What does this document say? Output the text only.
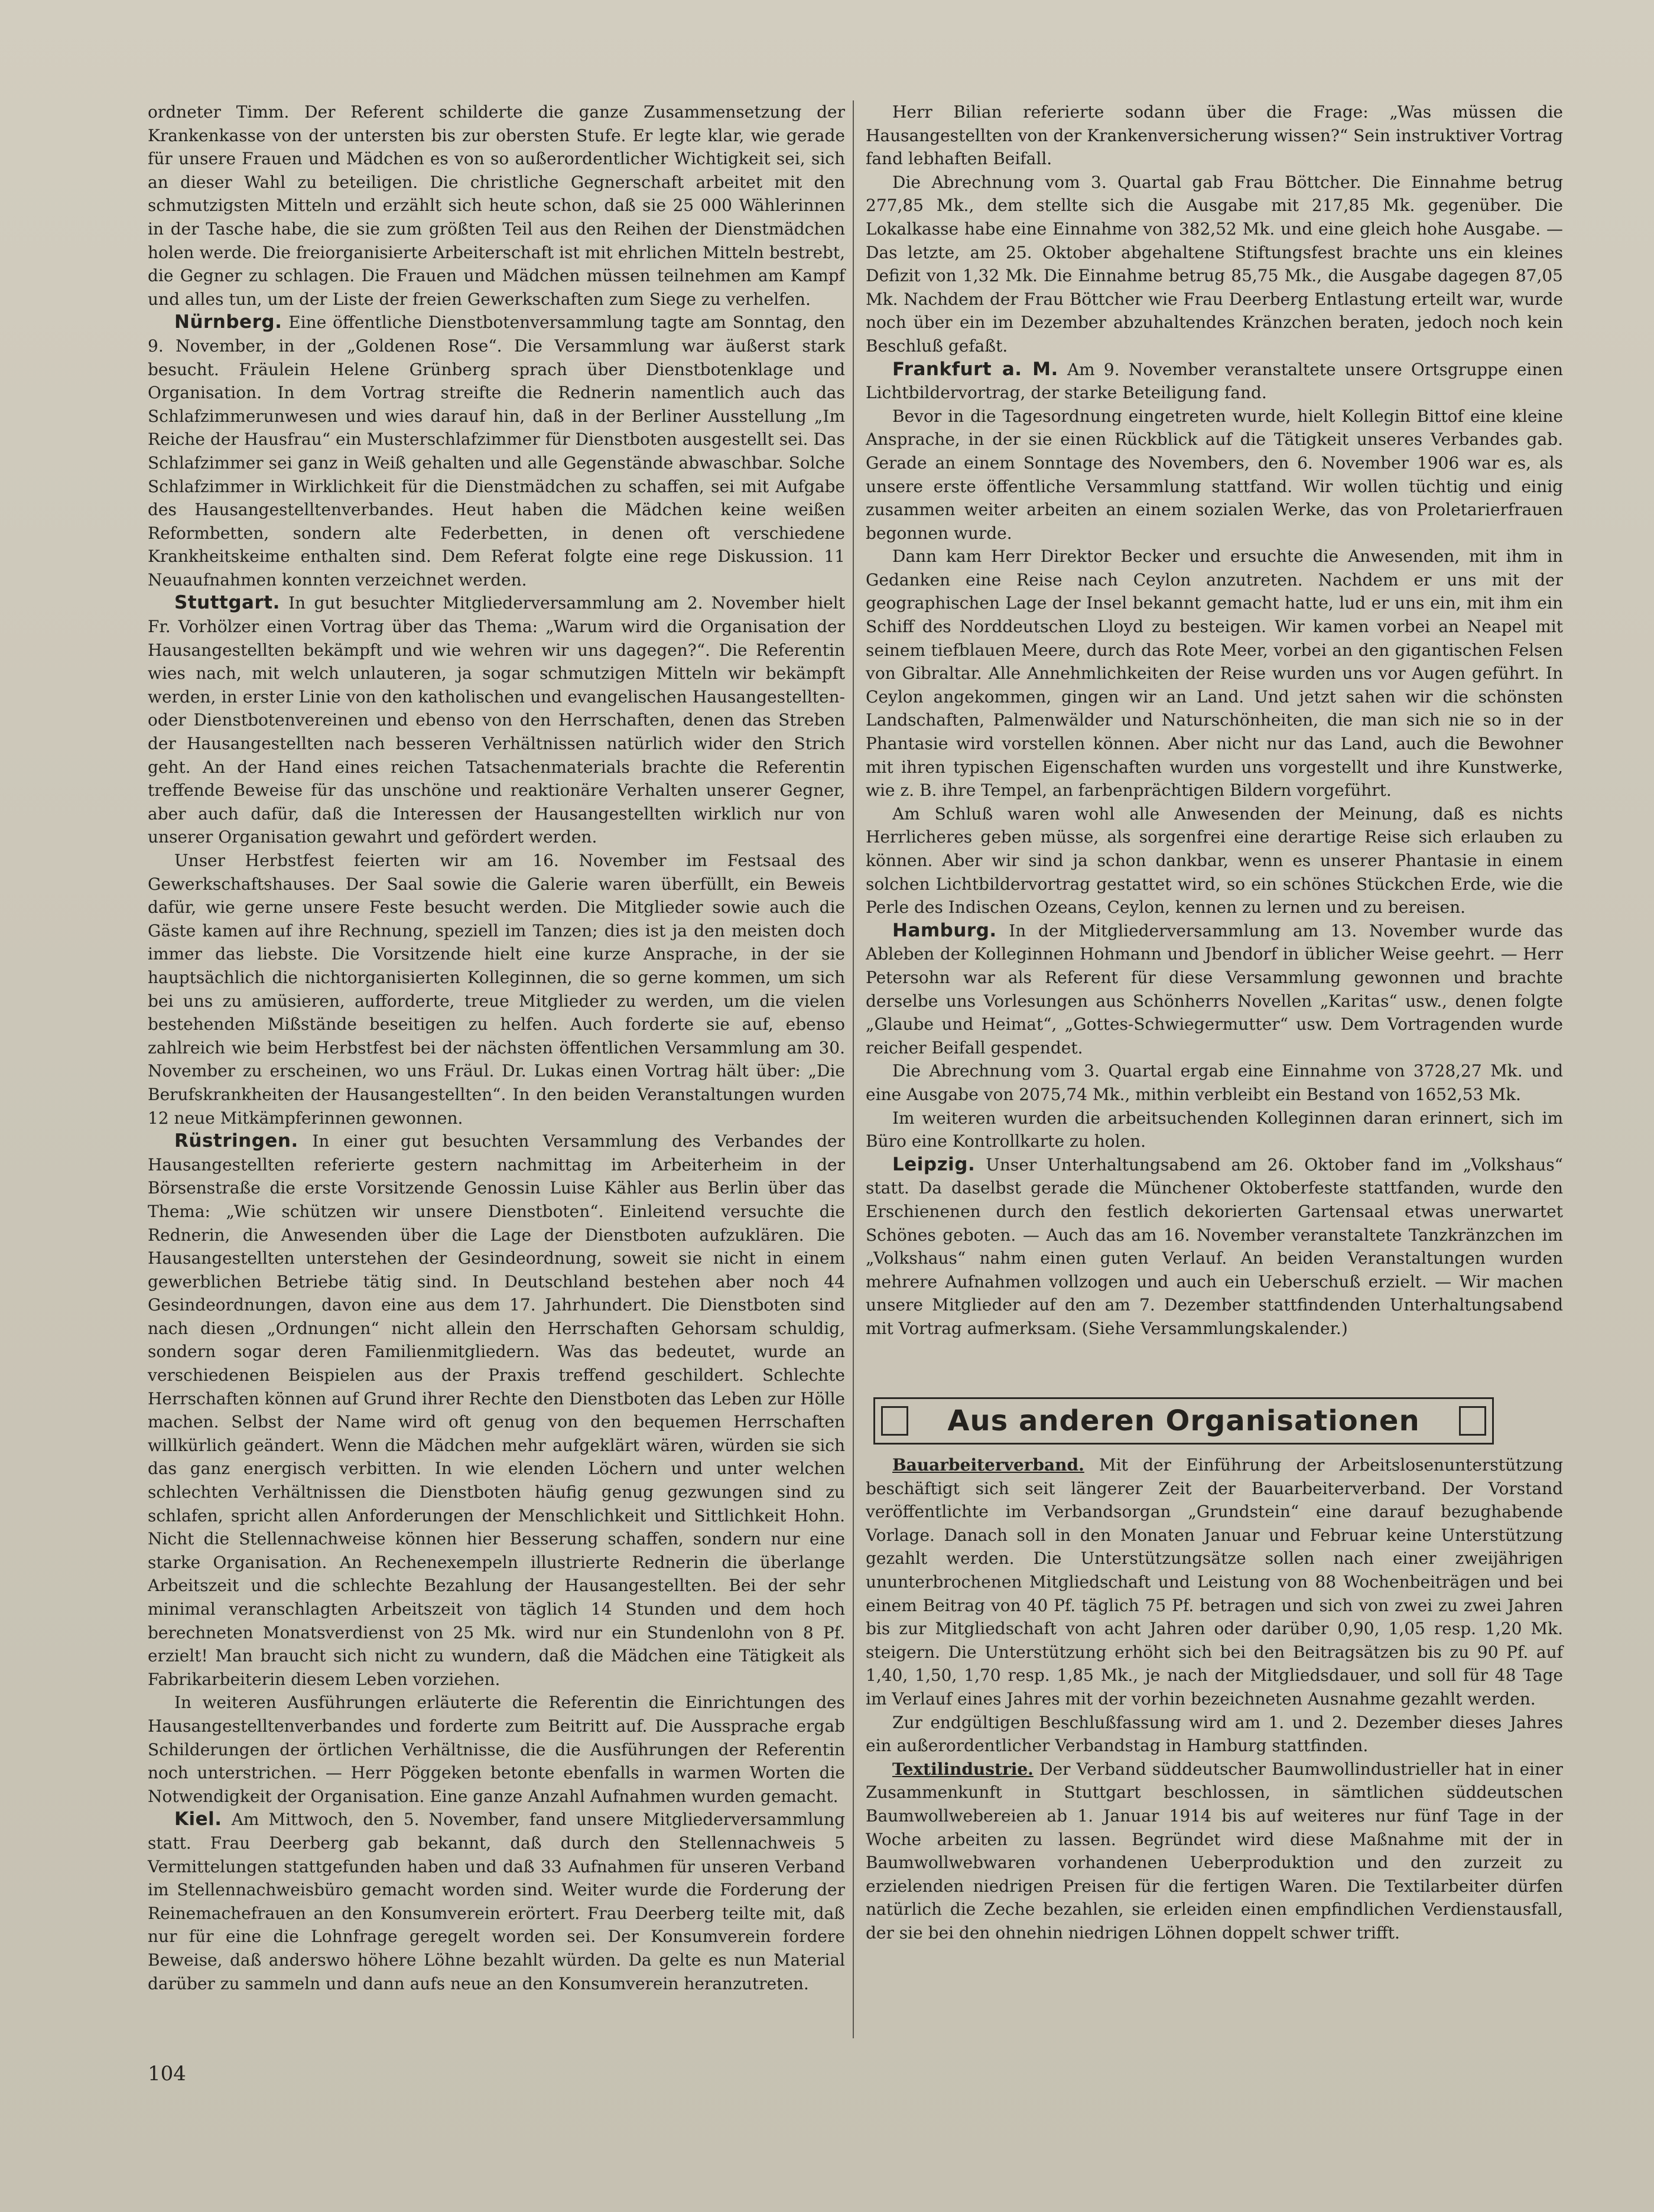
ordneter Timm. Der Referent schilderte die ganze Zusammensetzung der Krankenkasse von der untersten bis zur obersten Stufe. Er legte klar, wie gerade für unsere Frauen und Mädchen es von so außerordentlicher Wichtigkeit sei, sich an dieser Wahl zu beteiligen. Die christliche Gegnerschaft arbeitet mit den schmutzigsten Mitteln und erzählt sich heute schon, daß sie 25 000 Wählerinnen in der Tasche habe, die sie zum größten Teil aus den Reihen der Dienstmädchen holen werde. Die freiorganisierte Arbeiterschaft ist mit ehrlichen Mitteln bestrebt, die Gegner zu schlagen. Die Frauen und Mädchen müssen teilnehmen am Kampf und alles tun, um der Liste der freien Gewerkschaften zum Siege zu verhelfen.

Nürnberg. Eine öffentliche Dienstbotenversammlung tagte am Sonntag, den 9. November, in der „Goldenen Rose“. Die Versammlung war äußerst stark besucht. Fräulein Helene Grünberg sprach über Dienstbotenklage und Organisation. In dem Vortrag streifte die Rednerin namentlich auch das Schlafzimmerunwesen und wies darauf hin, daß in der Berliner Ausstellung „Im Reiche der Hausfrau“ ein Musterschlafzimmer für Dienstboten ausgestellt sei. Das Schlafzimmer sei ganz in Weiß gehalten und alle Gegenstände abwaschbar. Solche Schlafzimmer in Wirklichkeit für die Dienstmädchen zu schaffen, sei mit Aufgabe des Hausangestelltenverbandes. Heut haben die Mädchen keine weißen Reformbetten, sondern alte Federbetten, in denen oft verschiedene Krankheitskeime enthalten sind. Dem Referat folgte eine rege Diskussion. 11 Neuaufnahmen konnten verzeichnet werden.

Stuttgart. In gut besuchter Mitgliederversammlung am 2. November hielt Fr. Vorhölzer einen Vortrag über das Thema: „Warum wird die Organisation der Hausangestellten bekämpft und wie wehren wir uns dagegen?“. Die Referentin wies nach, mit welch unlauteren, ja sogar schmutzigen Mitteln wir bekämpft werden, in erster Linie von den katholischen und evangelischen Hausangestellten- oder Dienstbotenvereinen und ebenso von den Herrschaften, denen das Streben der Hausangestellten nach besseren Verhältnissen natürlich wider den Strich geht. An der Hand eines reichen Tatsachenmaterials brachte die Referentin treffende Beweise für das unschöne und reaktionäre Verhalten unserer Gegner, aber auch dafür, daß die Interessen der Hausangestellten wirklich nur von unserer Organisation gewahrt und gefördert werden.

Unser Herbstfest feierten wir am 16. November im Festsaal des Gewerkschaftshauses. Der Saal sowie die Galerie waren überfüllt, ein Beweis dafür, wie gerne unsere Feste besucht werden. Die Mitglieder sowie auch die Gäste kamen auf ihre Rechnung, speziell im Tanzen; dies ist ja den meisten doch immer das liebste. Die Vorsitzende hielt eine kurze Ansprache, in der sie hauptsächlich die nichtorganisierten Kolleginnen, die so gerne kommen, um sich bei uns zu amüsieren, aufforderte, treue Mitglieder zu werden, um die vielen bestehenden Mißstände beseitigen zu helfen. Auch forderte sie auf, ebenso zahlreich wie beim Herbstfest bei der nächsten öffentlichen Versammlung am 30. November zu erscheinen, wo uns Fräul. Dr. Lukas einen Vortrag hält über: „Die Berufskrankheiten der Hausangestellten“. In den beiden Veranstaltungen wurden 12 neue Mitkämpferinnen gewonnen.

Rüstringen. In einer gut besuchten Versammlung des Verbandes der Hausangestellten referierte gestern nachmittag im Arbeiterheim in der Börsenstraße die erste Vorsitzende Genossin Luise Kähler aus Berlin über das Thema: „Wie schützen wir unsere Dienstboten“. Einleitend versuchte die Rednerin, die Anwesenden über die Lage der Dienstboten aufzuklären. Die Hausangestellten unterstehen der Gesindeordnung, soweit sie nicht in einem gewerblichen Betriebe tätig sind. In Deutschland bestehen aber noch 44 Gesindeordnungen, davon eine aus dem 17. Jahrhundert. Die Dienstboten sind nach diesen „Ordnungen“ nicht allein den Herrschaften Gehorsam schuldig, sondern sogar deren Familienmitgliedern. Was das bedeutet, wurde an verschiedenen Beispielen aus der Praxis treffend geschildert. Schlechte Herrschaften können auf Grund ihrer Rechte den Dienstboten das Leben zur Hölle machen. Selbst der Name wird oft genug von den bequemen Herrschaften willkürlich geändert. Wenn die Mädchen mehr aufgeklärt wären, würden sie sich das ganz energisch verbitten. In wie elenden Löchern und unter welchen schlechten Verhältnissen die Dienstboten häufig genug gezwungen sind zu schlafen, spricht allen Anforderungen der Menschlichkeit und Sittlichkeit Hohn. Nicht die Stellennachweise können hier Besserung schaffen, sondern nur eine starke Organisation. An Rechenexempeln illustrierte Rednerin die überlange Arbeitszeit und die schlechte Bezahlung der Hausangestellten. Bei der sehr minimal veranschlagten Arbeitszeit von täglich 14 Stunden und dem hoch berechneten Monatsverdienst von 25 Mk. wird nur ein Stundenlohn von 8 Pf. erzielt! Man braucht sich nicht zu wundern, daß die Mädchen eine Tätigkeit als Fabrikarbeiterin diesem Leben vorziehen.

In weiteren Ausführungen erläuterte die Referentin die Einrichtungen des Hausangestelltenverbandes und forderte zum Beitritt auf. Die Aussprache ergab Schilderungen der örtlichen Verhältnisse, die die Ausführungen der Referentin noch unterstrichen. — Herr Pöggeken betonte ebenfalls in warmen Worten die Notwendigkeit der Organisation. Eine ganze Anzahl Aufnahmen wurden gemacht.

Kiel. Am Mittwoch, den 5. November, fand unsere Mitgliederversammlung statt. Frau Deerberg gab bekannt, daß durch den Stellennachweis 5 Vermittelungen stattgefunden haben und daß 33 Aufnahmen für unseren Verband im Stellennachweisbüro gemacht worden sind. Weiter wurde die Forderung der Reinemachefrauen an den Konsumverein erörtert. Frau Deerberg teilte mit, daß nur für eine die Lohnfrage geregelt worden sei. Der Konsumverein fordere Beweise, daß anderswo höhere Löhne bezahlt würden. Da gelte es nun Material darüber zu sammeln und dann aufs neue an den Konsumverein heranzutreten.

Herr Bilian referierte sodann über die Frage: „Was müssen die Hausangestellten von der Krankenversicherung wissen?“ Sein instruktiver Vortrag fand lebhaften Beifall.

Die Abrechnung vom 3. Quartal gab Frau Böttcher. Die Einnahme betrug 277,85 Mk., dem stellte sich die Ausgabe mit 217,85 Mk. gegenüber. Die Lokalkasse habe eine Einnahme von 382,52 Mk. und eine gleich hohe Ausgabe. — Das letzte, am 25. Oktober abgehaltene Stiftungsfest brachte uns ein kleines Defizit von 1,32 Mk. Die Einnahme betrug 85,75 Mk., die Ausgabe dagegen 87,05 Mk. Nachdem der Frau Böttcher wie Frau Deerberg Entlastung erteilt war, wurde noch über ein im Dezember abzuhaltendes Kränzchen beraten, jedoch noch kein Beschluß gefaßt.

Frankfurt a. M. Am 9. November veranstaltete unsere Ortsgruppe einen Lichtbildervortrag, der starke Beteiligung fand.

Bevor in die Tagesordnung eingetreten wurde, hielt Kollegin Bittof eine kleine Ansprache, in der sie einen Rückblick auf die Tätigkeit unseres Verbandes gab. Gerade an einem Sonntage des Novembers, den 6. November 1906 war es, als unsere erste öffentliche Versammlung stattfand. Wir wollen tüchtig und einig zusammen weiter arbeiten an einem sozialen Werke, das von Proletarierfrauen begonnen wurde.

Dann kam Herr Direktor Becker und ersuchte die Anwesenden, mit ihm in Gedanken eine Reise nach Ceylon anzutreten. Nachdem er uns mit der geographischen Lage der Insel bekannt gemacht hatte, lud er uns ein, mit ihm ein Schiff des Norddeutschen Lloyd zu besteigen. Wir kamen vorbei an Neapel mit seinem tiefblauen Meere, durch das Rote Meer, vorbei an den gigantischen Felsen von Gibraltar. Alle Annehmlichkeiten der Reise wurden uns vor Augen geführt. In Ceylon angekommen, gingen wir an Land. Und jetzt sahen wir die schönsten Landschaften, Palmenwälder und Naturschönheiten, die man sich nie so in der Phantasie wird vorstellen können. Aber nicht nur das Land, auch die Bewohner mit ihren typischen Eigenschaften wurden uns vorgestellt und ihre Kunstwerke, wie z. B. ihre Tempel, an farbenprächtigen Bildern vorgeführt.

Am Schluß waren wohl alle Anwesenden der Meinung, daß es nichts Herrlicheres geben müsse, als sorgenfrei eine derartige Reise sich erlauben zu können. Aber wir sind ja schon dankbar, wenn es unserer Phantasie in einem solchen Lichtbildervortrag gestattet wird, so ein schönes Stückchen Erde, wie die Perle des Indischen Ozeans, Ceylon, kennen zu lernen und zu bereisen.

Hamburg. In der Mitgliederversammlung am 13. November wurde das Ableben der Kolleginnen Hohmann und Jbendorf in üblicher Weise geehrt. — Herr Petersohn war als Referent für diese Versammlung gewonnen und brachte derselbe uns Vorlesungen aus Schönherrs Novellen „Karitas“ usw., denen folgte „Glaube und Heimat“, „Gottes-Schwiegermutter“ usw. Dem Vortragenden wurde reicher Beifall gespendet.

Die Abrechnung vom 3. Quartal ergab eine Einnahme von 3728,27 Mk. und eine Ausgabe von 2075,74 Mk., mithin verbleibt ein Bestand von 1652,53 Mk.

Im weiteren wurden die arbeitsuchenden Kolleginnen daran erinnert, sich im Büro eine Kontrollkarte zu holen.

Leipzig. Unser Unterhaltungsabend am 26. Oktober fand im „Volkshaus“ statt. Da daselbst gerade die Münchener Oktoberfeste stattfanden, wurde den Erschienenen durch den festlich dekorierten Gartensaal etwas unerwartet Schönes geboten. — Auch das am 16. November veranstaltete Tanzkränzchen im „Volkshaus“ nahm einen guten Verlauf. An beiden Veranstaltungen wurden mehrere Aufnahmen vollzogen und auch ein Ueberschuß erzielt. — Wir machen unsere Mitglieder auf den am 7. Dezember stattfindenden Unterhaltungsabend mit Vortrag aufmerksam. (Siehe Versammlungskalender.)

Aus anderen Organisationen

Bauarbeiterverband. Mit der Einführung der Arbeitslosenunterstützung beschäftigt sich seit längerer Zeit der Bauarbeiterverband. Der Vorstand veröffentlichte im Verbandsorgan „Grundstein“ eine darauf bezughabende Vorlage. Danach soll in den Monaten Januar und Februar keine Unterstützung gezahlt werden. Die Unterstützungsätze sollen nach einer zweijährigen ununterbrochenen Mitgliedschaft und Leistung von 88 Wochenbeiträgen und bei einem Beitrag von 40 Pf. täglich 75 Pf. betragen und sich von zwei zu zwei Jahren bis zur Mitgliedschaft von acht Jahren oder darüber 0,90, 1,05 resp. 1,20 Mk. steigern. Die Unterstützung erhöht sich bei den Beitragsätzen bis zu 90 Pf. auf 1,40, 1,50, 1,70 resp. 1,85 Mk., je nach der Mitgliedsdauer, und soll für 48 Tage im Verlauf eines Jahres mit der vorhin bezeichneten Ausnahme gezahlt werden.

Zur endgültigen Beschlußfassung wird am 1. und 2. Dezember dieses Jahres ein außerordentlicher Verbandstag in Hamburg stattfinden.

Textilindustrie. Der Verband süddeutscher Baumwollindustrieller hat in einer Zusammenkunft in Stuttgart beschlossen, in sämtlichen süddeutschen Baumwollwebereien ab 1. Januar 1914 bis auf weiteres nur fünf Tage in der Woche arbeiten zu lassen. Begründet wird diese Maßnahme mit der in Baumwollwebwaren vorhandenen Ueberproduktion und den zurzeit zu erzielenden niedrigen Preisen für die fertigen Waren. Die Textilarbeiter dürfen natürlich die Zeche bezahlen, sie erleiden einen empfindlichen Verdienstausfall, der sie bei den ohnehin niedrigen Löhnen doppelt schwer trifft.

104
